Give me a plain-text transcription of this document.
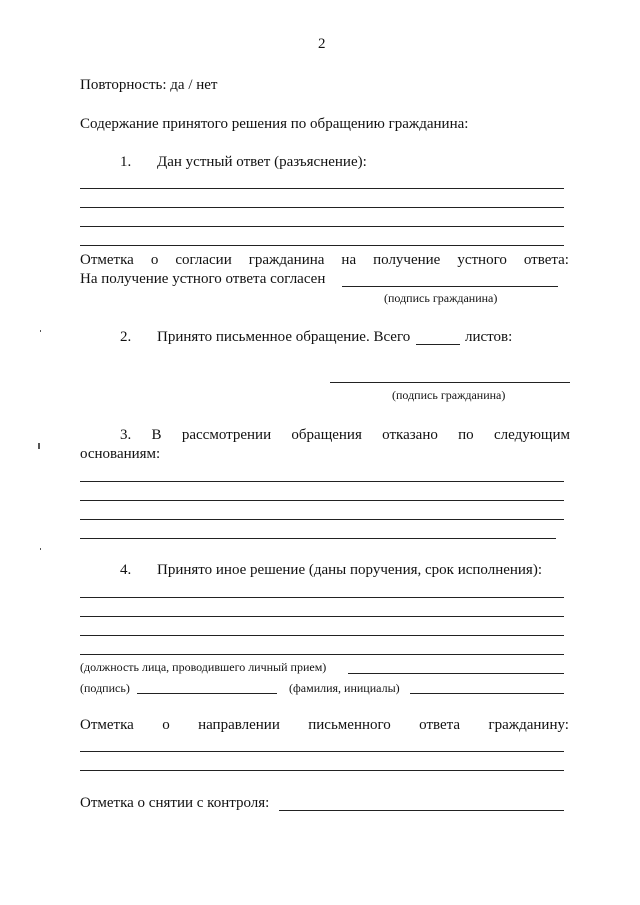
2
Повторность: да / нет
Содержание принятого решения по обращению гражданина:
1. Дан устный ответ (разъяснение):
Отметка о согласии гражданина на получение устного ответа:
На получение устного ответа согласен
(подпись гражданина)
2. Принято письменное обращение. Всего	листов:
(подпись гражданина)
3. В рассмотрении обращения отказано по следующим
основаниям:
4. Принято иное решение (даны поручения, срок исполнения):
(должность лица, проводившего личный прием)
(подпись)	(фамилия, инициалы)
Отметка о направлении письменного ответа гражданину:
Отметка о снятии с контроля:
